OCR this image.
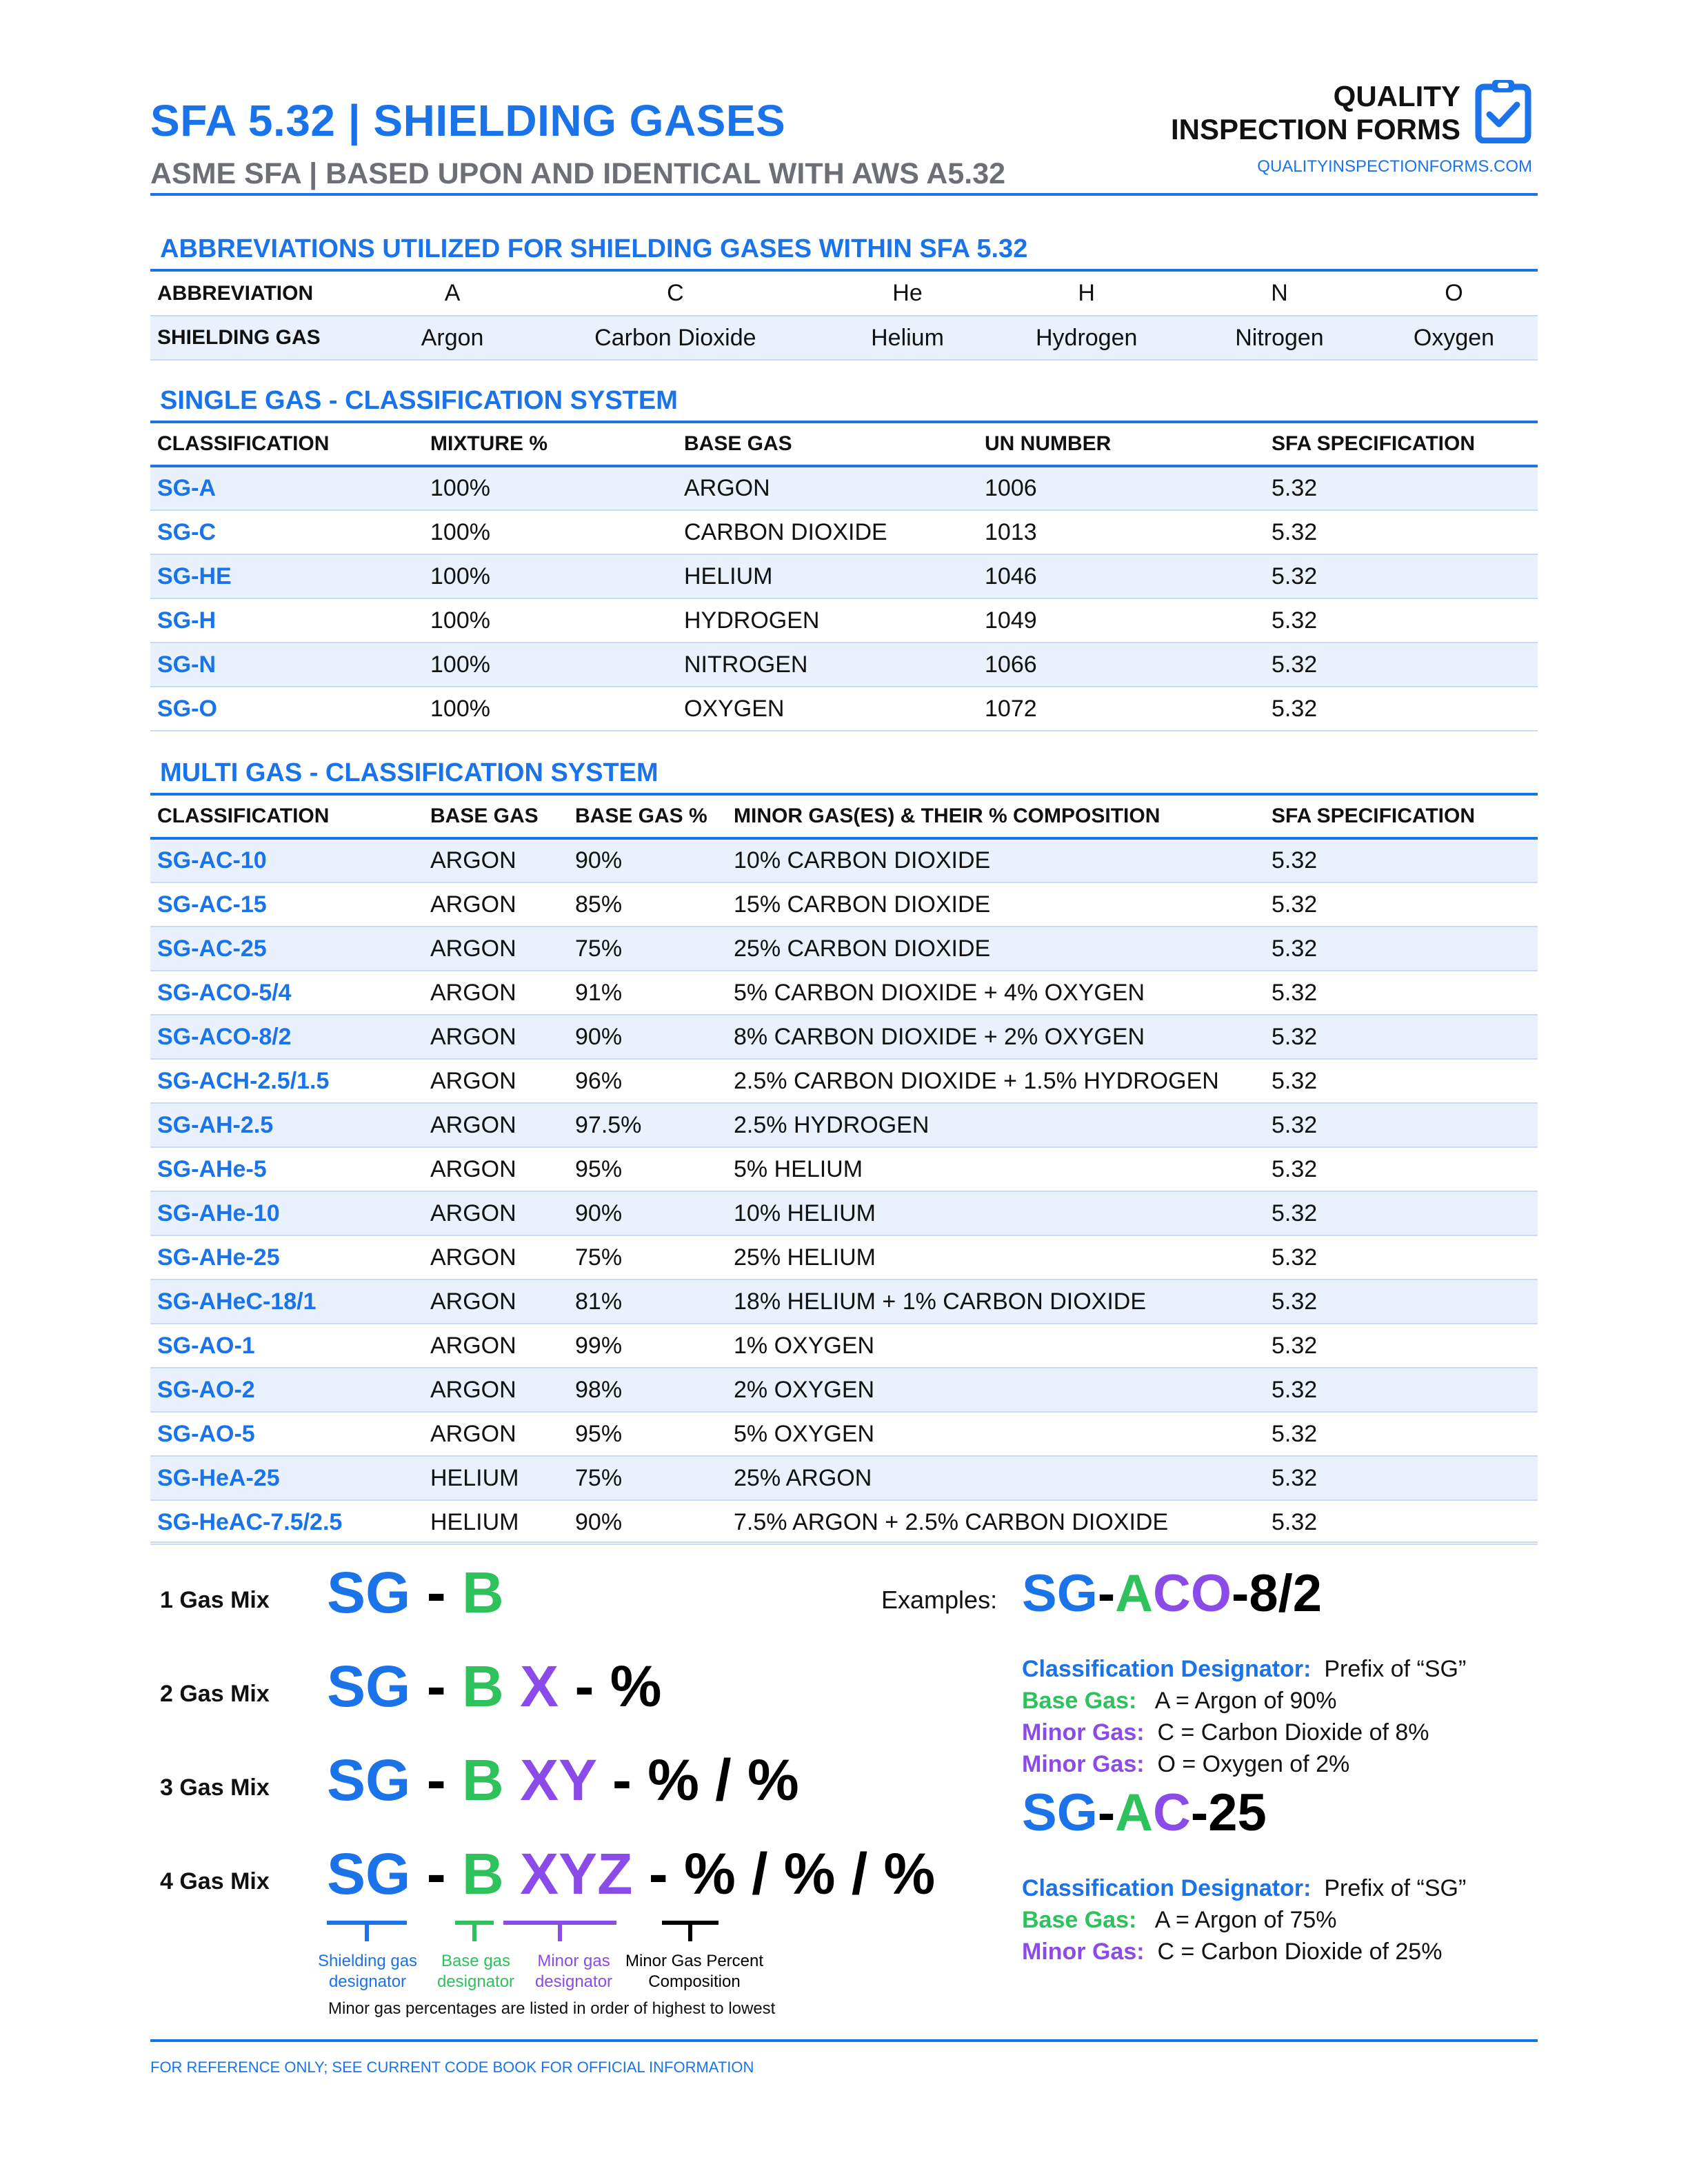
SFA 5.32 | SHIELDING GASES
ASME SFA | BASED UPON AND IDENTICAL WITH AWS A5.32
QUALITY
INSPECTION FORMS
QUALITYINSPECTIONFORMS.COM
ABBREVIATIONS UTILIZED FOR SHIELDING GASES WITHIN SFA 5.32
ABBREVIATION	A	C	He	H	N	O
SHIELDING GAS	Argon	Carbon Dioxide	Helium	Hydrogen	Nitrogen	Oxygen
SINGLE GAS - CLASSIFICATION SYSTEM
CLASSIFICATION	MIXTURE %	BASE GAS	UN NUMBER	SFA SPECIFICATION
SG-A	100%	ARGON	1006	5.32
SG-C	100%	CARBON DIOXIDE	1013	5.32
SG-HE	100%	HELIUM	1046	5.32
SG-H	100%	HYDROGEN	1049	5.32
SG-N	100%	NITROGEN	1066	5.32
SG-O	100%	OXYGEN	1072	5.32
MULTI GAS - CLASSIFICATION SYSTEM
CLASSIFICATION	BASE GAS	BASE GAS %	MINOR GAS(ES) & THEIR % COMPOSITION	SFA SPECIFICATION
SG-AC-10	ARGON	90%	10% CARBON DIOXIDE	5.32
SG-AC-15	ARGON	85%	15% CARBON DIOXIDE	5.32
SG-AC-25	ARGON	75%	25% CARBON DIOXIDE	5.32
SG-ACO-5/4	ARGON	91%	5% CARBON DIOXIDE + 4% OXYGEN	5.32
SG-ACO-8/2	ARGON	90%	8% CARBON DIOXIDE + 2% OXYGEN	5.32
SG-ACH-2.5/1.5	ARGON	96%	2.5% CARBON DIOXIDE + 1.5% HYDROGEN	5.32
SG-AH-2.5	ARGON	97.5%	2.5% HYDROGEN	5.32
SG-AHe-5	ARGON	95%	5% HELIUM	5.32
SG-AHe-10	ARGON	90%	10% HELIUM	5.32
SG-AHe-25	ARGON	75%	25% HELIUM	5.32
SG-AHeC-18/1	ARGON	81%	18% HELIUM + 1% CARBON DIOXIDE	5.32
SG-AO-1	ARGON	99%	1% OXYGEN	5.32
SG-AO-2	ARGON	98%	2% OXYGEN	5.32
SG-AO-5	ARGON	95%	5% OXYGEN	5.32
SG-HeA-25	HELIUM	75%	25% ARGON	5.32
SG-HeAC-7.5/2.5	HELIUM	90%	7.5% ARGON + 2.5% CARBON DIOXIDE	5.32
1 Gas Mix SG - B
2 Gas Mix SG - B X - %
3 Gas Mix SG - B XY - % / %
4 Gas Mix SG - B XYZ - % / % / %
Shielding gas
designator
Base gas
designator
Minor gas
designator
Minor Gas Percent
Composition
Minor gas percentages are listed in order of highest to lowest
Examples: SG-ACO-8/2
Classification Designator: Prefix of “SG”
Base Gas: A = Argon of 90%
Minor Gas: C = Carbon Dioxide of 8%
Minor Gas: O = Oxygen of 2%
SG-AC-25
Classification Designator: Prefix of “SG”
Base Gas: A = Argon of 75%
Minor Gas: C = Carbon Dioxide of 25%
FOR REFERENCE ONLY; SEE CURRENT CODE BOOK FOR OFFICIAL INFORMATION
